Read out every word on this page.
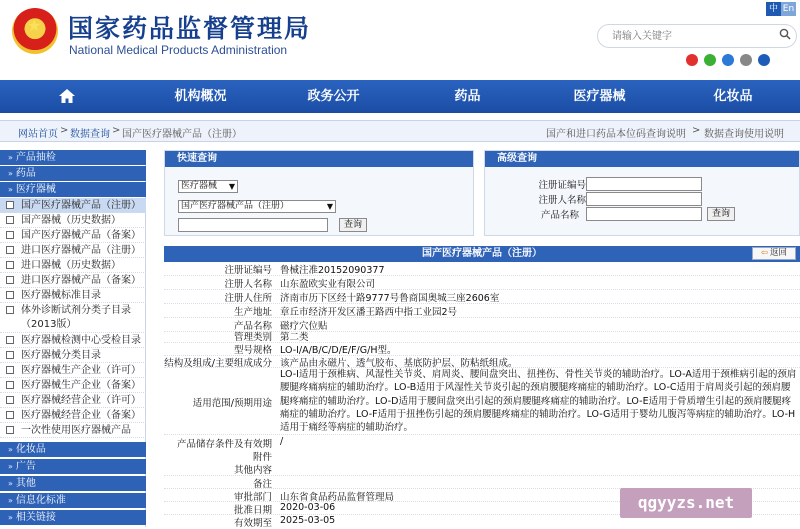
★ 国家药品监督管理局
National Medical Products Administration
中 En
请输入关键字
机构概况	政务公开	药品	医疗器械	化妆品
网站首页 > 数据查询 > 国产医疗器械产品（注册）	国产和进口药品本位码查询说明 > 数据查询使用说明
» 产品抽检
» 药品
» 医疗器械
国产医疗器械产品（注册）
国产器械（历史数据）
国产医疗器械产品（备案）
进口医疗器械产品（注册）
进口器械（历史数据）
进口医疗器械产品（备案）
医疗器械标准目录
体外诊断试剂分类子目录（2013版）
医疗器械检测中心受检目录
医疗器械分类目录
医疗器械生产企业（许可）
医疗器械生产企业（备案）
医疗器械经营企业（许可）
医疗器械经营企业（备案）
一次性使用医疗器械产品
» 化妆品
» 广告
» 其他
» 信息化标准
» 相关链接
快速查询
医疗器械 ▼
国产医疗器械产品（注册）	▼
查询
高级查询
注册证编号
注册人名称
产品名称	查询
国产医疗器械产品（注册）	⇦ 返回
注册证编号 鲁械注准20152090377
注册人名称 山东盈欧实业有限公司
注册人住所 济南市历下区经十路9777号鲁商国奥城三座2606室
生产地址 章丘市经济开发区潘王路西中指工业园2号
产品名称 磁疗穴位贴
管理类别 第二类
型号规格 LO-I/A/B/C/D/E/F/G/H型。
结构及组成/主要组成成分 该产品由永磁片、透气胶布、基底防护层、防粘纸组成。
适用范围/预期用途
LO-I适用于颈椎病、风湿性关节炎、肩周炎、腰间盘突出、扭挫伤、骨性关节炎的辅助治疗。LO-A适用于颈椎病引起的颈肩腰腿疼痛病症的辅助治疗。LO-B适用于风湿性关节炎引起的颈肩腰腿疼痛症的辅助治疗。LO-C适用于肩周炎引起的颈肩腰腿疼痛症的辅助治疗。LO-D适用于腰间盘突出引起的颈肩腰腿疼痛症的辅助治疗。LO-E适用于骨质增生引起的颈肩腰腿疼痛症的辅助治疗。LO-F适用于扭挫伤引起的颈肩腰腿疼痛症的辅助治疗。LO-G适用于婴幼儿腹泻等病症的辅助治疗。LO-H适用于痛经等病症的辅助治疗。
产品储存条件及有效期 /
附件
其他内容
备注
审批部门 山东省食品药品监督管理局
批准日期 2020-03-06
有效期至 2025-03-05
qgyyzs.net
